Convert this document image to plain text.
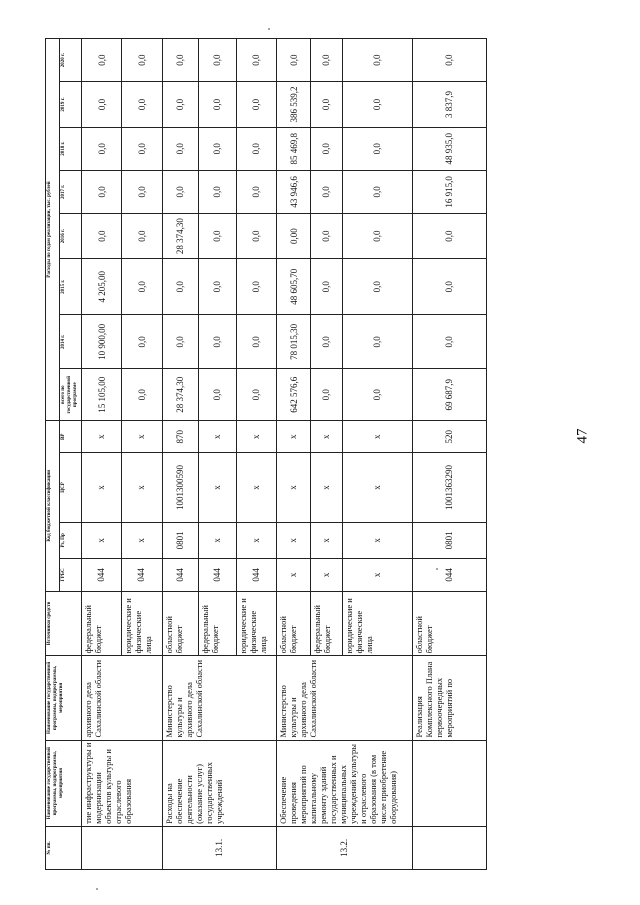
47
№ пп.	Наименование государственной программы, подпрограммы, мероприятия	Наименование государственной программы, подпрограммы, мероприятия	Источники средств	Код бюджетной классификации				Расходы по годам реализации, тыс. рублей							
				ГРБС	Рз, Пр	ЦСР	ВР	всего по государственной программе	2014 г.	2015 г.	2016 г.	2017 г.	2018 г.	2019 г.	2020 г.
	тие инфраструктуры и модернизации объектов культуры и отраслевого образования	архивного дела Сахалинской области	федеральный бюджет	044	x	x	x	15 105,00	10 900,00	4 205,00	0,0	0,0	0,0	0,0	0,0
			юридические и физические лица	044	x	x	x	0,0	0,0	0,0	0,0	0,0	0,0	0,0	0,0
13.1.	Расходы на обеспечение деятельности (оказание услуг) государственных учреждений	Министерство культуры и архивного дела Сахалинской области	областной бюджет	044	0801	1001300590	870	28 374,30	0,0	0,0	28 374,30	0,0	0,0	0,0	0,0
			федеральный бюджет	044	x	x	x	0,0	0,0	0,0	0,0	0,0	0,0	0,0	0,0
			юридические и физические лица	044	x	x	x	0,0	0,0	0,0	0,0	0,0	0,0	0,0	0,0
13.2.	Обеспечение проведения мероприятий по капитальному ремонту зданий государственных и муниципальных учреждений культуры и отраслевого образования (в том числе приобретение оборудования)	Министерство культуры и архивного дела Сахалинской области	областной бюджет	x	x	x	x	642 576,6	78 015,30	48 605,70	0,00	43 946,6	85 469,8	386 539,2	0,0
			федеральный бюджет	x	x	x	x	0,0	0,0	0,0	0,0	0,0	0,0	0,0	0,0
			юридические и физические лица	x	x	x	x	0,0	0,0	0,0	0,0	0,0	0,0	0,0	0,0
		Реализация Комплексного Плана первоочередных мероприятий по	областной бюджет	044	0801	1001363290	520	69 687,9	0,0	0,0	0,0	16 915,0	48 935,0	3 837,9	0,0
